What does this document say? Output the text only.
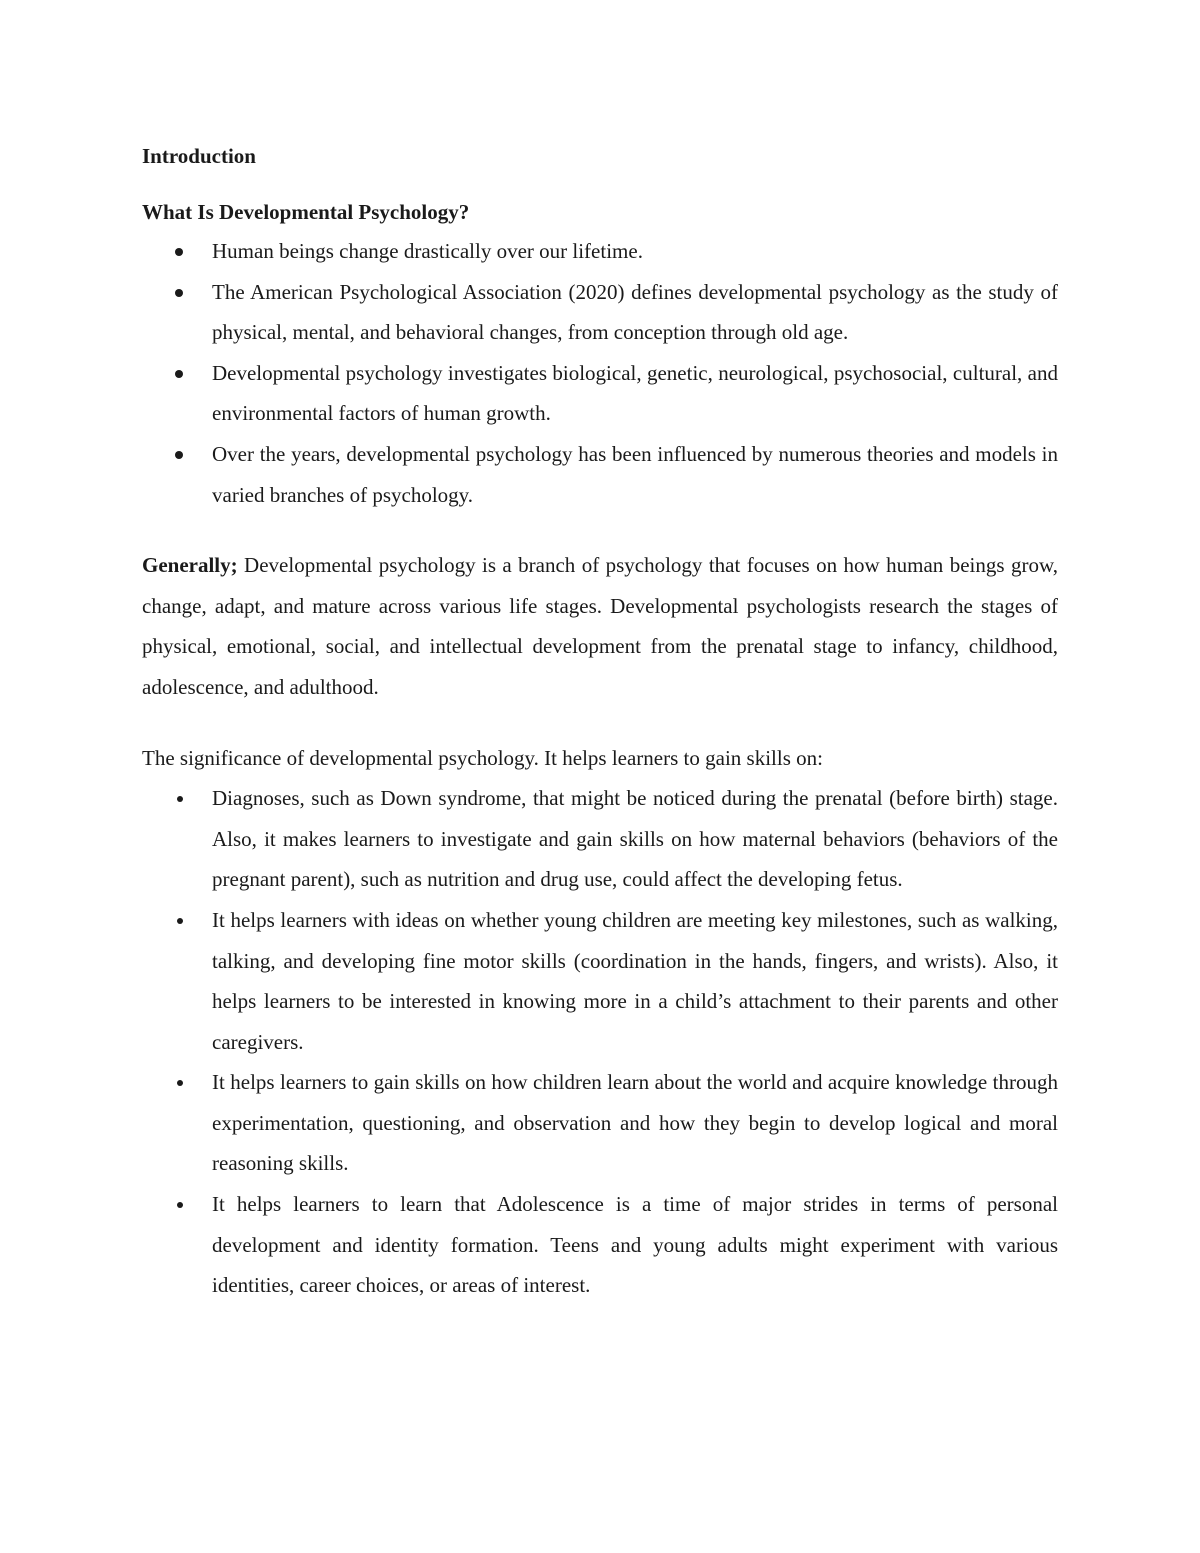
Introduction

What Is Developmental Psychology?

Human beings change drastically over our lifetime.
The American Psychological Association (2020) defines developmental psychology as the study of physical, mental, and behavioral changes, from conception through old age.
Developmental psychology investigates biological, genetic, neurological, psychosocial, cultural, and environmental factors of human growth.
Over the years, developmental psychology has been influenced by numerous theories and models in varied branches of psychology.

Generally; Developmental psychology is a branch of psychology that focuses on how human beings grow, change, adapt, and mature across various life stages. Developmental psychologists research the stages of physical, emotional, social, and intellectual development from the prenatal stage to infancy, childhood, adolescence, and adulthood.

The significance of developmental psychology. It helps learners to gain skills on:

Diagnoses, such as Down syndrome, that might be noticed during the prenatal (before birth) stage. Also, it makes learners to investigate and gain skills on how maternal behaviors (behaviors of the pregnant parent), such as nutrition and drug use, could affect the developing fetus.
It helps learners with ideas on whether young children are meeting key milestones, such as walking, talking, and developing fine motor skills (coordination in the hands, fingers, and wrists). Also, it helps learners to be interested in knowing more in a child’s attachment to their parents and other caregivers.
It helps learners to gain skills on how children learn about the world and acquire knowledge through experimentation, questioning, and observation and how they begin to develop logical and moral reasoning skills.
It helps learners to learn that Adolescence is a time of major strides in terms of personal development and identity formation. Teens and young adults might experiment with various identities, career choices, or areas of interest.
